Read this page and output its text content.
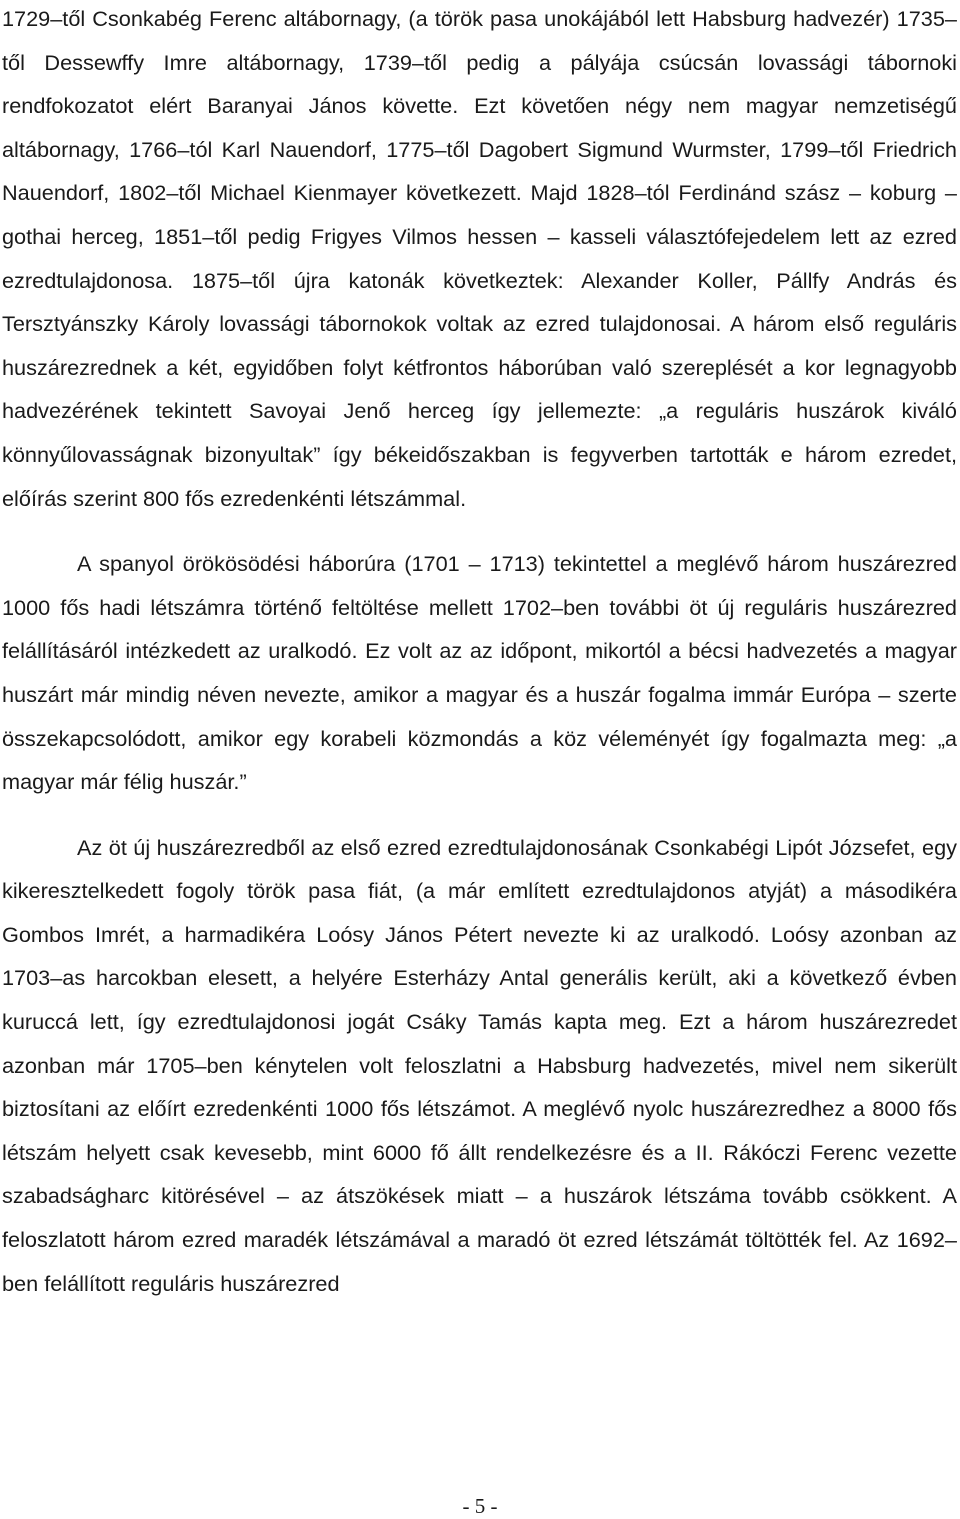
1729–től Csonkabég Ferenc altábornagy, (a török pasa unokájából lett Habsburg hadvezér) 1735–től Dessewffy Imre altábornagy, 1739–től pedig a pályája csúcsán lovassági tábornoki rendfokozatot elért Baranyai János követte. Ezt követően négy nem magyar nemzetiségű altábornagy, 1766–tól Karl Nauendorf, 1775–től Dagobert Sigmund Wurmster, 1799–től Friedrich Nauendorf, 1802–től Michael Kienmayer következett. Majd 1828–tól Ferdinánd szász – koburg – gothai herceg, 1851–től pedig Frigyes Vilmos hessen – kasseli választófejedelem lett az ezred ezredtulajdonosa. 1875–től újra katonák következtek: Alexander Koller, Pállfy András és Tersztyánszky Károly lovassági tábornokok voltak az ezred tulajdonosai. A három első reguláris huszárezrednek a két, egyidőben folyt kétfrontos háborúban való szereplését a kor legnagyobb hadvezérének tekintett Savoyai Jenő herceg így jellemezte: „a reguláris huszárok kiváló könnyűlovasságnak bizonyultak” így békeidőszakban is fegyverben tartották e három ezredet, előírás szerint 800 fős ezredenkénti létszámmal.

A spanyol örökösödési háborúra (1701 – 1713) tekintettel a meglévő három huszárezred 1000 fős hadi létszámra történő feltöltése mellett 1702–ben további öt új reguláris huszárezred felállításáról intézkedett az uralkodó. Ez volt az az időpont, mikortól a bécsi hadvezetés a magyar huszárt már mindig néven nevezte, amikor a magyar és a huszár fogalma immár Európa – szerte összekapcsolódott, amikor egy korabeli közmondás a köz véleményét így fogalmazta meg: „a magyar már félig huszár.”

Az öt új huszárezredből az első ezred ezredtulajdonosának Csonkabégi Lipót Józsefet, egy kikeresztelkedett fogoly török pasa fiát, (a már említett ezredtulajdonos atyját) a másodikéra Gombos Imrét, a harmadikéra Loósy János Pétert nevezte ki az uralkodó. Loósy azonban az 1703–as harcokban elesett, a helyére Esterházy Antal generális került, aki a következő évben kuruccá lett, így ezredtulajdonosi jogát Csáky Tamás kapta meg. Ezt a három huszárezredet azonban már 1705–ben kénytelen volt feloszlatni a Habsburg hadvezetés, mivel nem sikerült biztosítani az előírt ezredenkénti 1000 fős létszámot. A meglévő nyolc huszárezredhez a 8000 fős létszám helyett csak kevesebb, mint 6000 fő állt rendelkezésre és a II. Rákóczi Ferenc vezette szabadságharc kitörésével – az átszökések miatt – a huszárok létszáma tovább csökkent. A feloszlatott három ezred maradék létszámával a maradó öt ezred létszámát töltötték fel. Az 1692–ben felállított reguláris huszárezred

- 5 -
